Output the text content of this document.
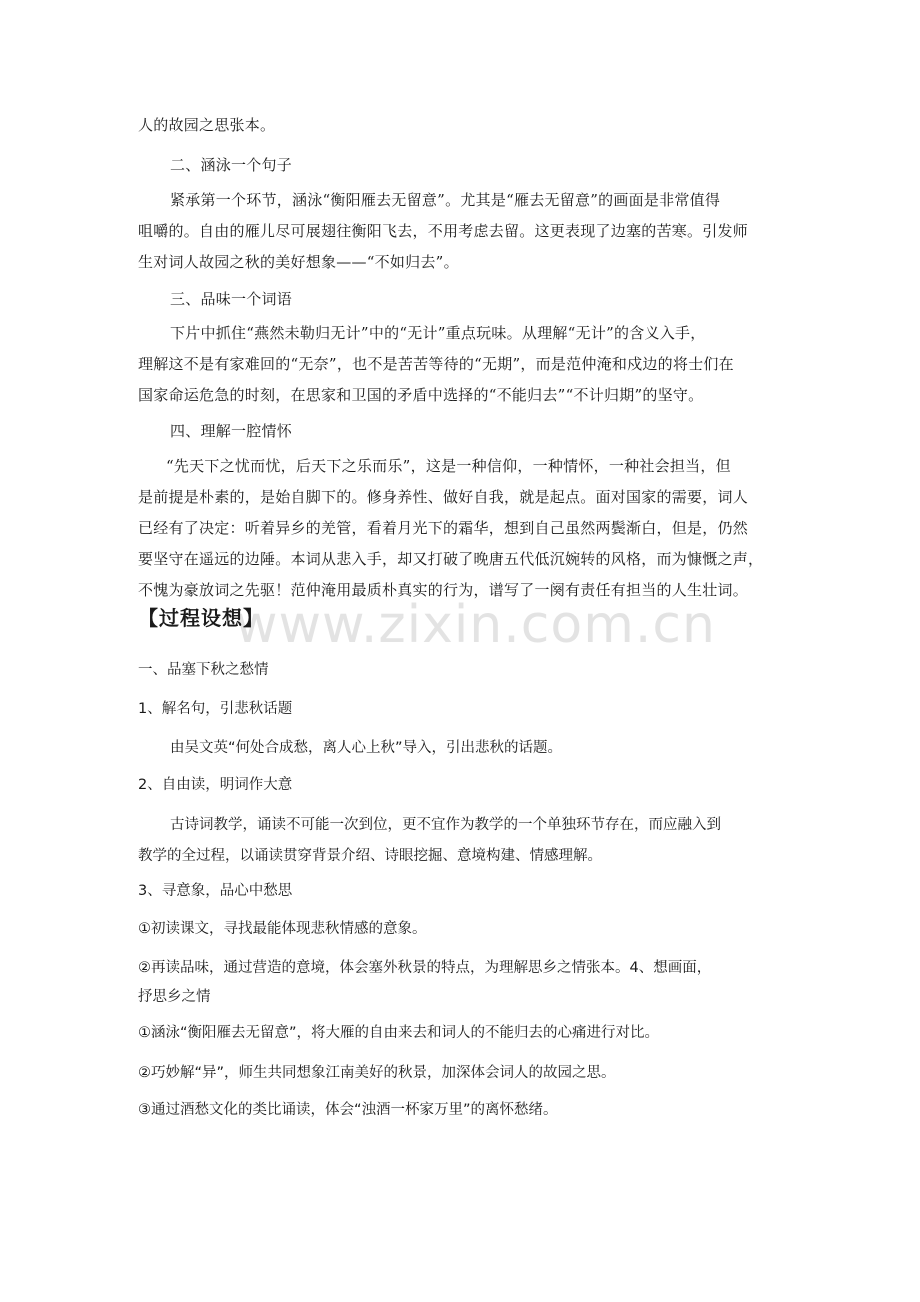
www.zixin.com.cn

人的故园之思张本。

二、涵泳一个句子

紧承第一个环节，涵泳“衡阳雁去无留意”。尤其是“雁去无留意”的画面是非常值得
咀嚼的。自由的雁儿尽可展翅往衡阳飞去，不用考虑去留。这更表现了边塞的苦寒。引发师
生对词人故园之秋的美好想象——“不如归去”。

三、品味一个词语

下片中抓住“燕然未勒归无计”中的“无计”重点玩味。从理解“无计”的含义入手，
理解这不是有家难回的“无奈”，也不是苦苦等待的“无期”，而是范仲淹和戍边的将士们在
国家命运危急的时刻，在思家和卫国的矛盾中选择的“不能归去”“不计归期”的坚守。

四、理解一腔情怀

“先天下之忧而忧，后天下之乐而乐”，这是一种信仰，一种情怀，一种社会担当，但
是前提是朴素的，是始自脚下的。修身养性、做好自我，就是起点。面对国家的需要，词人
已经有了决定：听着异乡的羌管，看着月光下的霜华，想到自己虽然两鬓渐白，但是，仍然
要坚守在遥远的边陲。本词从悲入手，却又打破了晚唐五代低沉婉转的风格，而为慷慨之声，
不愧为豪放词之先驱！范仲淹用最质朴真实的行为，谱写了一阕有责任有担当的人生壮词。

【过程设想】

一、品塞下秋之愁情

1、解名句，引悲秋话题

由吴文英“何处合成愁，离人心上秋”导入，引出悲秋的话题。

2、自由读，明词作大意

古诗词教学，诵读不可能一次到位，更不宜作为教学的一个单独环节存在，而应融入到
教学的全过程，以诵读贯穿背景介绍、诗眼挖掘、意境构建、情感理解。

3、寻意象，品心中愁思

①初读课文，寻找最能体现悲秋情感的意象。

②再读品味，通过营造的意境，体会塞外秋景的特点，为理解思乡之情张本。4、想画面，
抒思乡之情

①涵泳“衡阳雁去无留意”，将大雁的自由来去和词人的不能归去的心痛进行对比。

②巧妙解“异”，师生共同想象江南美好的秋景，加深体会词人的故园之思。

③通过酒愁文化的类比诵读，体会“浊酒一杯家万里”的离怀愁绪。
